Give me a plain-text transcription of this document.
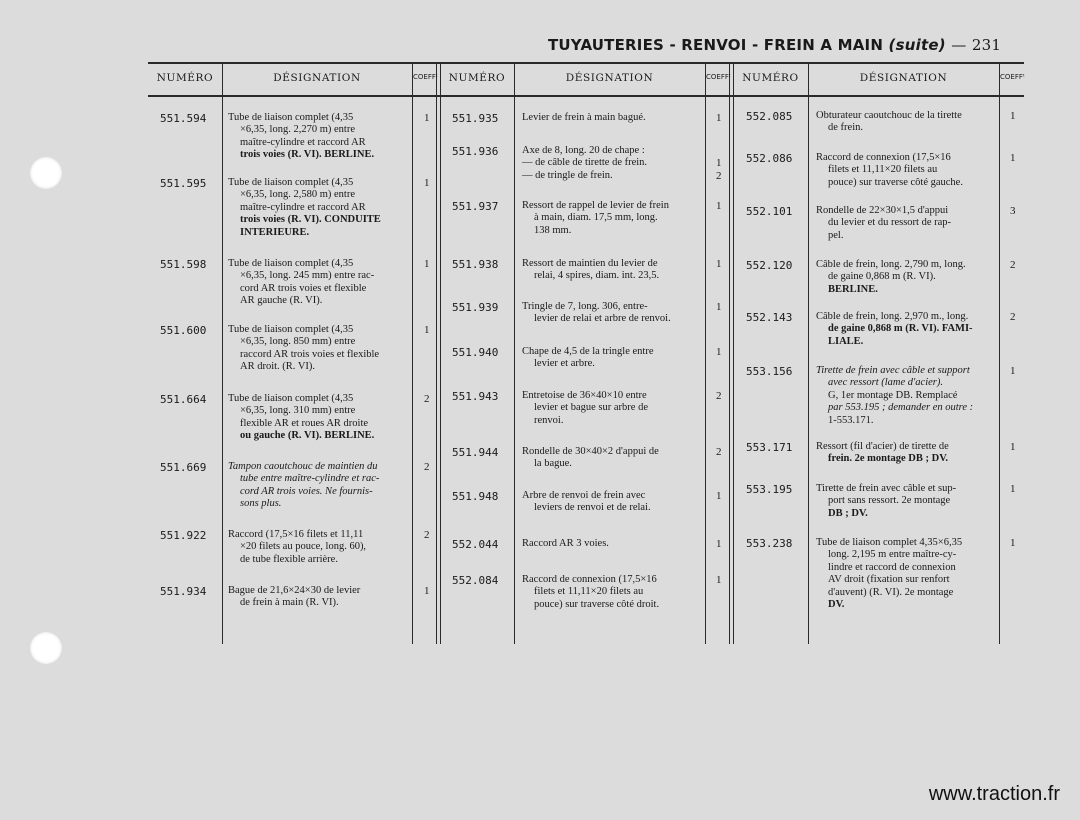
TUYAUTERIES - RENVOI - FREIN A MAIN (suite) — 231
NUMÉRO	DÉSIGNATION	COEFFᵗ	NUMÉRO	DÉSIGNATION	COEFFᵗ	NUMÉRO	DÉSIGNATION	COEFFᵗ
551.594 Tube de liaison complet (4,35
×6,35, long. 2,270 m) entre
maître-cylindre et raccord AR
trois voies (R. VI). BERLINE.
1
551.595 Tube de liaison complet (4,35
×6,35, long. 2,580 m) entre
maître-cylindre et raccord AR
trois voies (R. VI). CONDUITE
INTERIEURE.
1
551.598 Tube de liaison complet (4,35
×6,35, long. 245 mm) entre rac-
cord AR trois voies et flexible
AR gauche (R. VI).
1
551.600 Tube de liaison complet (4,35
×6,35, long. 850 mm) entre
raccord AR trois voies et flexible
AR droit. (R. VI).
1
551.664 Tube de liaison complet (4,35
×6,35, long. 310 mm) entre
flexible AR et roues AR droite
ou gauche (R. VI). BERLINE.
2
551.669 Tampon caoutchouc de maintien du
tube entre maître-cylindre et rac-
cord AR trois voies. Ne fournis-
sons plus.
2
551.922 Raccord (17,5×16 filets et 11,11
×20 filets au pouce, long. 60),
de tube flexible arrière.
2
551.934 Bague de 21,6×24×30 de levier
de frein à main (R. VI).
1
551.935 Levier de frein à main bagué.	1
551.936 Axe de 8, long. 20 de chape :
— de câble de tirette de frein.
— de tringle de frein.
1
2
551.937 Ressort de rappel de levier de frein
à main, diam. 17,5 mm, long.
138 mm.
1
551.938 Ressort de maintien du levier de
relai, 4 spires, diam. int. 23,5.
1
551.939 Tringle de 7, long. 306, entre-
levier de relai et arbre de renvoi.
1
551.940 Chape de 4,5 de la tringle entre
levier et arbre.
1
551.943 Entretoise de 36×40×10 entre
levier et bague sur arbre de
renvoi.
2
551.944 Rondelle de 30×40×2 d'appui de
la bague.
2
551.948 Arbre de renvoi de frein avec
leviers de renvoi et de relai.
1
552.044 Raccord AR 3 voies.	1
552.084 Raccord de connexion (17,5×16
filets et 11,11×20 filets au
pouce) sur traverse côté droit.
1
552.085 Obturateur caoutchouc de la tirette
de frein.
1
552.086 Raccord de connexion (17,5×16
filets et 11,11×20 filets au
pouce) sur traverse côté gauche.
1
552.101 Rondelle de 22×30×1,5 d'appui
du levier et du ressort de rap-
pel.
3
552.120 Câble de frein, long. 2,790 m, long.
de gaine 0,868 m (R. VI).
BERLINE.
2
552.143 Câble de frein, long. 2,970 m., long.
de gaine 0,868 m (R. VI). FAMI-
LIALE.
2
553.156 Tirette de frein avec câble et support
avec ressort (lame d'acier).
G, 1er montage DB. Remplacé
par 553.195 ; demander en outre :
1-553.171.
1
553.171 Ressort (fil d'acier) de tirette de
frein. 2e montage DB ; DV.
1
553.195 Tirette de frein avec câble et sup-
port sans ressort. 2e montage
DB ; DV.
1
553.238 Tube de liaison complet 4,35×6,35
long. 2,195 m entre maître-cy-
lindre et raccord de connexion
AV droit (fixation sur renfort
d'auvent) (R. VI). 2e montage
DV.
1
www.traction.fr
